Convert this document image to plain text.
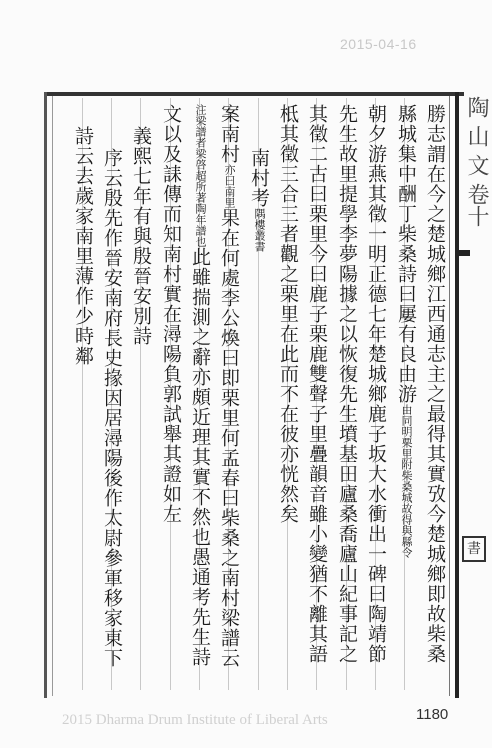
2015-04-16
陶 山 文 卷十
書
勝志謂在今之楚城鄉江西通志主之最得其實攷今楚城鄉即故柴桑
縣城集中酬丁柴桑詩曰屢有良由游由同明栗里附柴桑城故得與縣令
朝夕游燕其徵一明正德七年楚城鄉鹿子坂大水衝出一碑曰陶靖節
先生故里提學李夢陽據之以恢復先生墳基田廬桑喬廬山紀事記之
其徵二古曰栗里今曰鹿子栗鹿雙聲子里疊韻音雖小變猶不離其語
柢其徵三合三者觀之栗里在此而不在彼亦恍然矣
南村考隅樓叢書
案南村亦曰南里果在何處李公煥曰即栗里何孟春曰柴桑之南村梁譜云
注梁譜者梁啓超所著陶年譜也此雖揣測之辭亦頗近理其實不然也愚通考先生詩
文以及誄傳而知南村實在潯陽負郭試舉其證如左
義熙七年有與殷晉安別詩
序云殷先作晉安南府長史掾因居潯陽後作太尉參軍移家東下
詩云去歲家南里薄作少時鄰
2015 Dharma Drum Institute of Liberal Arts	1180
